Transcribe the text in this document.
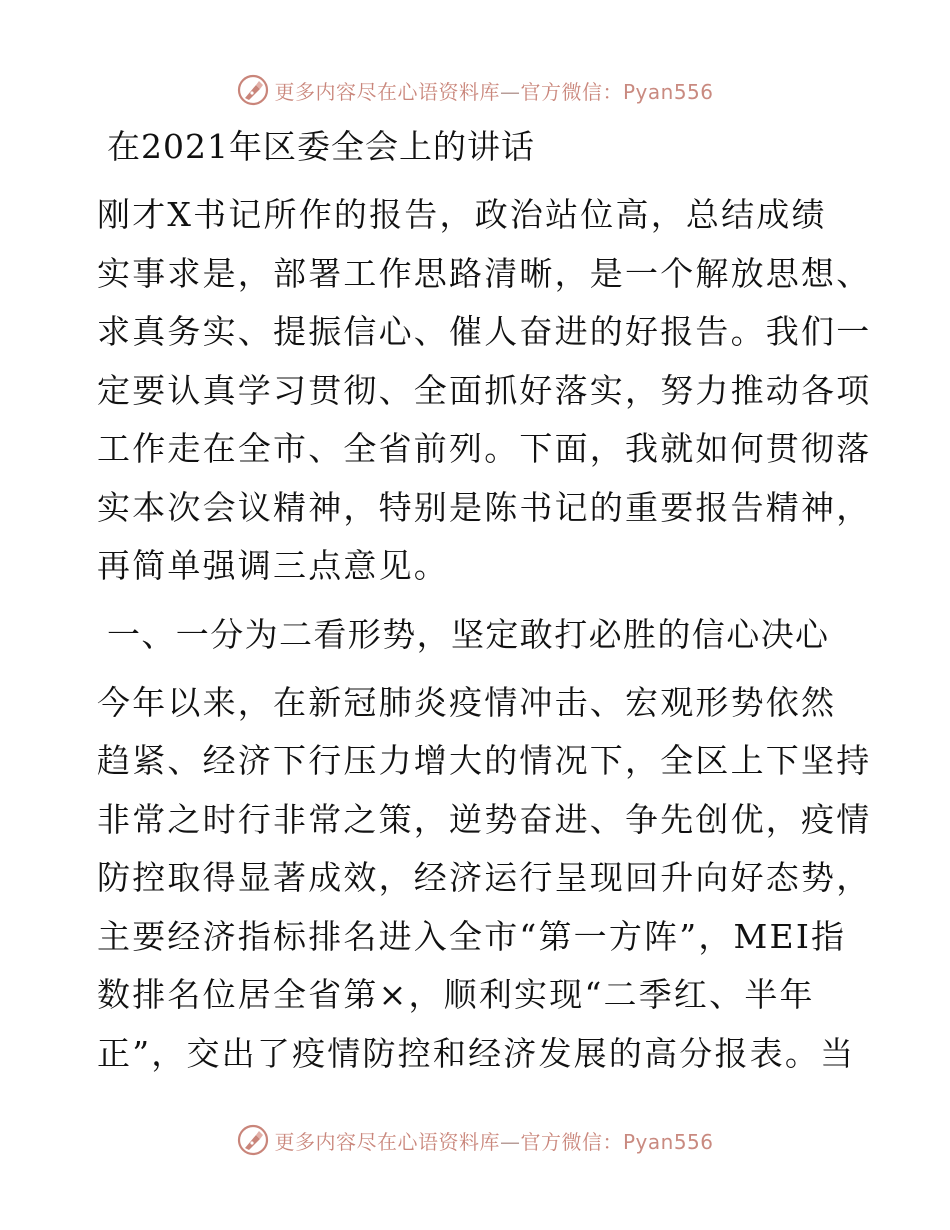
更多内容尽在心语资料库—官方微信：Pyan556
在2021年区委全会上的讲话
刚才X书记所作的报告，政治站位高，总结成绩
实事求是，部署工作思路清晰，是一个解放思想、
求真务实、提振信心、催人奋进的好报告。我们一
定要认真学习贯彻、全面抓好落实，努力推动各项
工作走在全市、全省前列。下面，我就如何贯彻落
实本次会议精神，特别是陈书记的重要报告精神，
再简单强调三点意见。
一、一分为二看形势，坚定敢打必胜的信心决心
今年以来，在新冠肺炎疫情冲击、宏观形势依然
趋紧、经济下行压力增大的情况下，全区上下坚持
非常之时行非常之策，逆势奋进、争先创优，疫情
防控取得显著成效，经济运行呈现回升向好态势，
主要经济指标排名进入全市“第一方阵”，MEI指
数排名位居全省第×，顺利实现“二季红、半年
正”，交出了疫情防控和经济发展的高分报表。当
更多内容尽在心语资料库—官方微信：Pyan556
